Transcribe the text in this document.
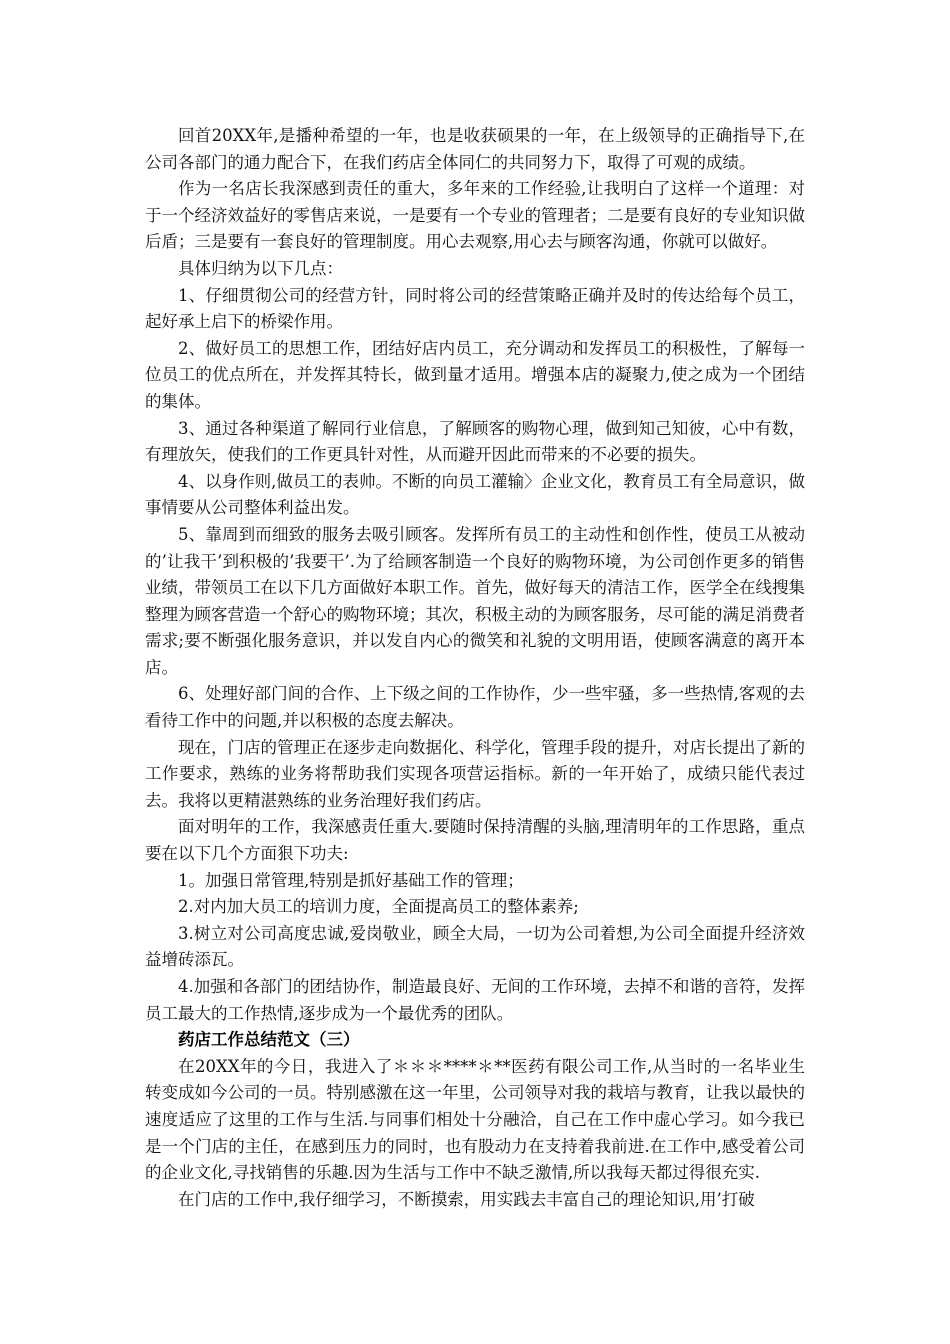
回首20XX年,是播种希望的一年，也是收获硕果的一年，在上级领导的正确指导下,在公司各部门的通力配合下，在我们药店全体同仁的共同努力下，取得了可观的成绩。

作为一名店长我深感到责任的重大，多年来的工作经验,让我明白了这样一个道理：对于一个经济效益好的零售店来说，一是要有一个专业的管理者；二是要有良好的专业知识做后盾；三是要有一套良好的管理制度。用心去观察,用心去与顾客沟通，你就可以做好。

具体归纳为以下几点：

1、仔细贯彻公司的经营方针，同时将公司的经营策略正确并及时的传达给每个员工，起好承上启下的桥梁作用。

2、做好员工的思想工作，团结好店内员工，充分调动和发挥员工的积极性，了解每一位员工的优点所在，并发挥其特长，做到量才适用。增强本店的凝聚力,使之成为一个团结的集体。

3、通过各种渠道了解同行业信息，了解顾客的购物心理，做到知己知彼，心中有数，有理放矢，使我们的工作更具针对性，从而避开因此而带来的不必要的损失。

4、以身作则,做员工的表帅。不断的向员工灌输〉企业文化，教育员工有全局意识，做事情要从公司整体利益出发。

5、靠周到而细致的服务去吸引顾客。发挥所有员工的主动性和创作性，使员工从被动的’让我干’到积极的’我要干’.为了给顾客制造一个良好的购物环境，为公司创作更多的销售业绩，带领员工在以下几方面做好本职工作。首先，做好每天的清洁工作，医学全在线搜集整理为顾客营造一个舒心的购物环境；其次，积极主动的为顾客服务，尽可能的满足消费者需求;要不断强化服务意识，并以发自内心的微笑和礼貌的文明用语，使顾客满意的离开本店。

6、处理好部门间的合作、上下级之间的工作协作，少一些牢骚，多一些热情,客观的去看待工作中的问题,并以积极的态度去解决。

现在，门店的管理正在逐步走向数据化、科学化，管理手段的提升，对店长提出了新的工作要求，熟练的业务将帮助我们实现各项营运指标。新的一年开始了，成绩只能代表过去。我将以更精湛熟练的业务治理好我们药店。

面对明年的工作，我深感责任重大.要随时保持清醒的头脑,理清明年的工作思路，重点要在以下几个方面狠下功夫:

1。加强日常管理,特别是抓好基础工作的管理；

2.对内加大员工的培训力度，全面提高员工的整体素养;

3.树立对公司高度忠诚,爱岗敬业，顾全大局，一切为公司着想,为公司全面提升经济效益增砖添瓦。

4.加强和各部门的团结协作，制造最良好、无间的工作环境，去掉不和谐的音符，发挥员工最大的工作热情,逐步成为一个最优秀的团队。

药店工作总结范文（三）

在20XX年的今日，我进入了＊＊＊****＊**医药有限公司工作,从当时的一名毕业生转变成如今公司的一员。特别感激在这一年里，公司领导对我的栽培与教育，让我以最快的速度适应了这里的工作与生活.与同事们相处十分融洽，自己在工作中虚心学习。如今我已是一个门店的主任，在感到压力的同时，也有股动力在支持着我前进.在工作中,感受着公司的企业文化,寻找销售的乐趣.因为生活与工作中不缺乏激情,所以我每天都过得很充实.

在门店的工作中,我仔细学习，不断摸索，用实践去丰富自己的理论知识,用’打破
